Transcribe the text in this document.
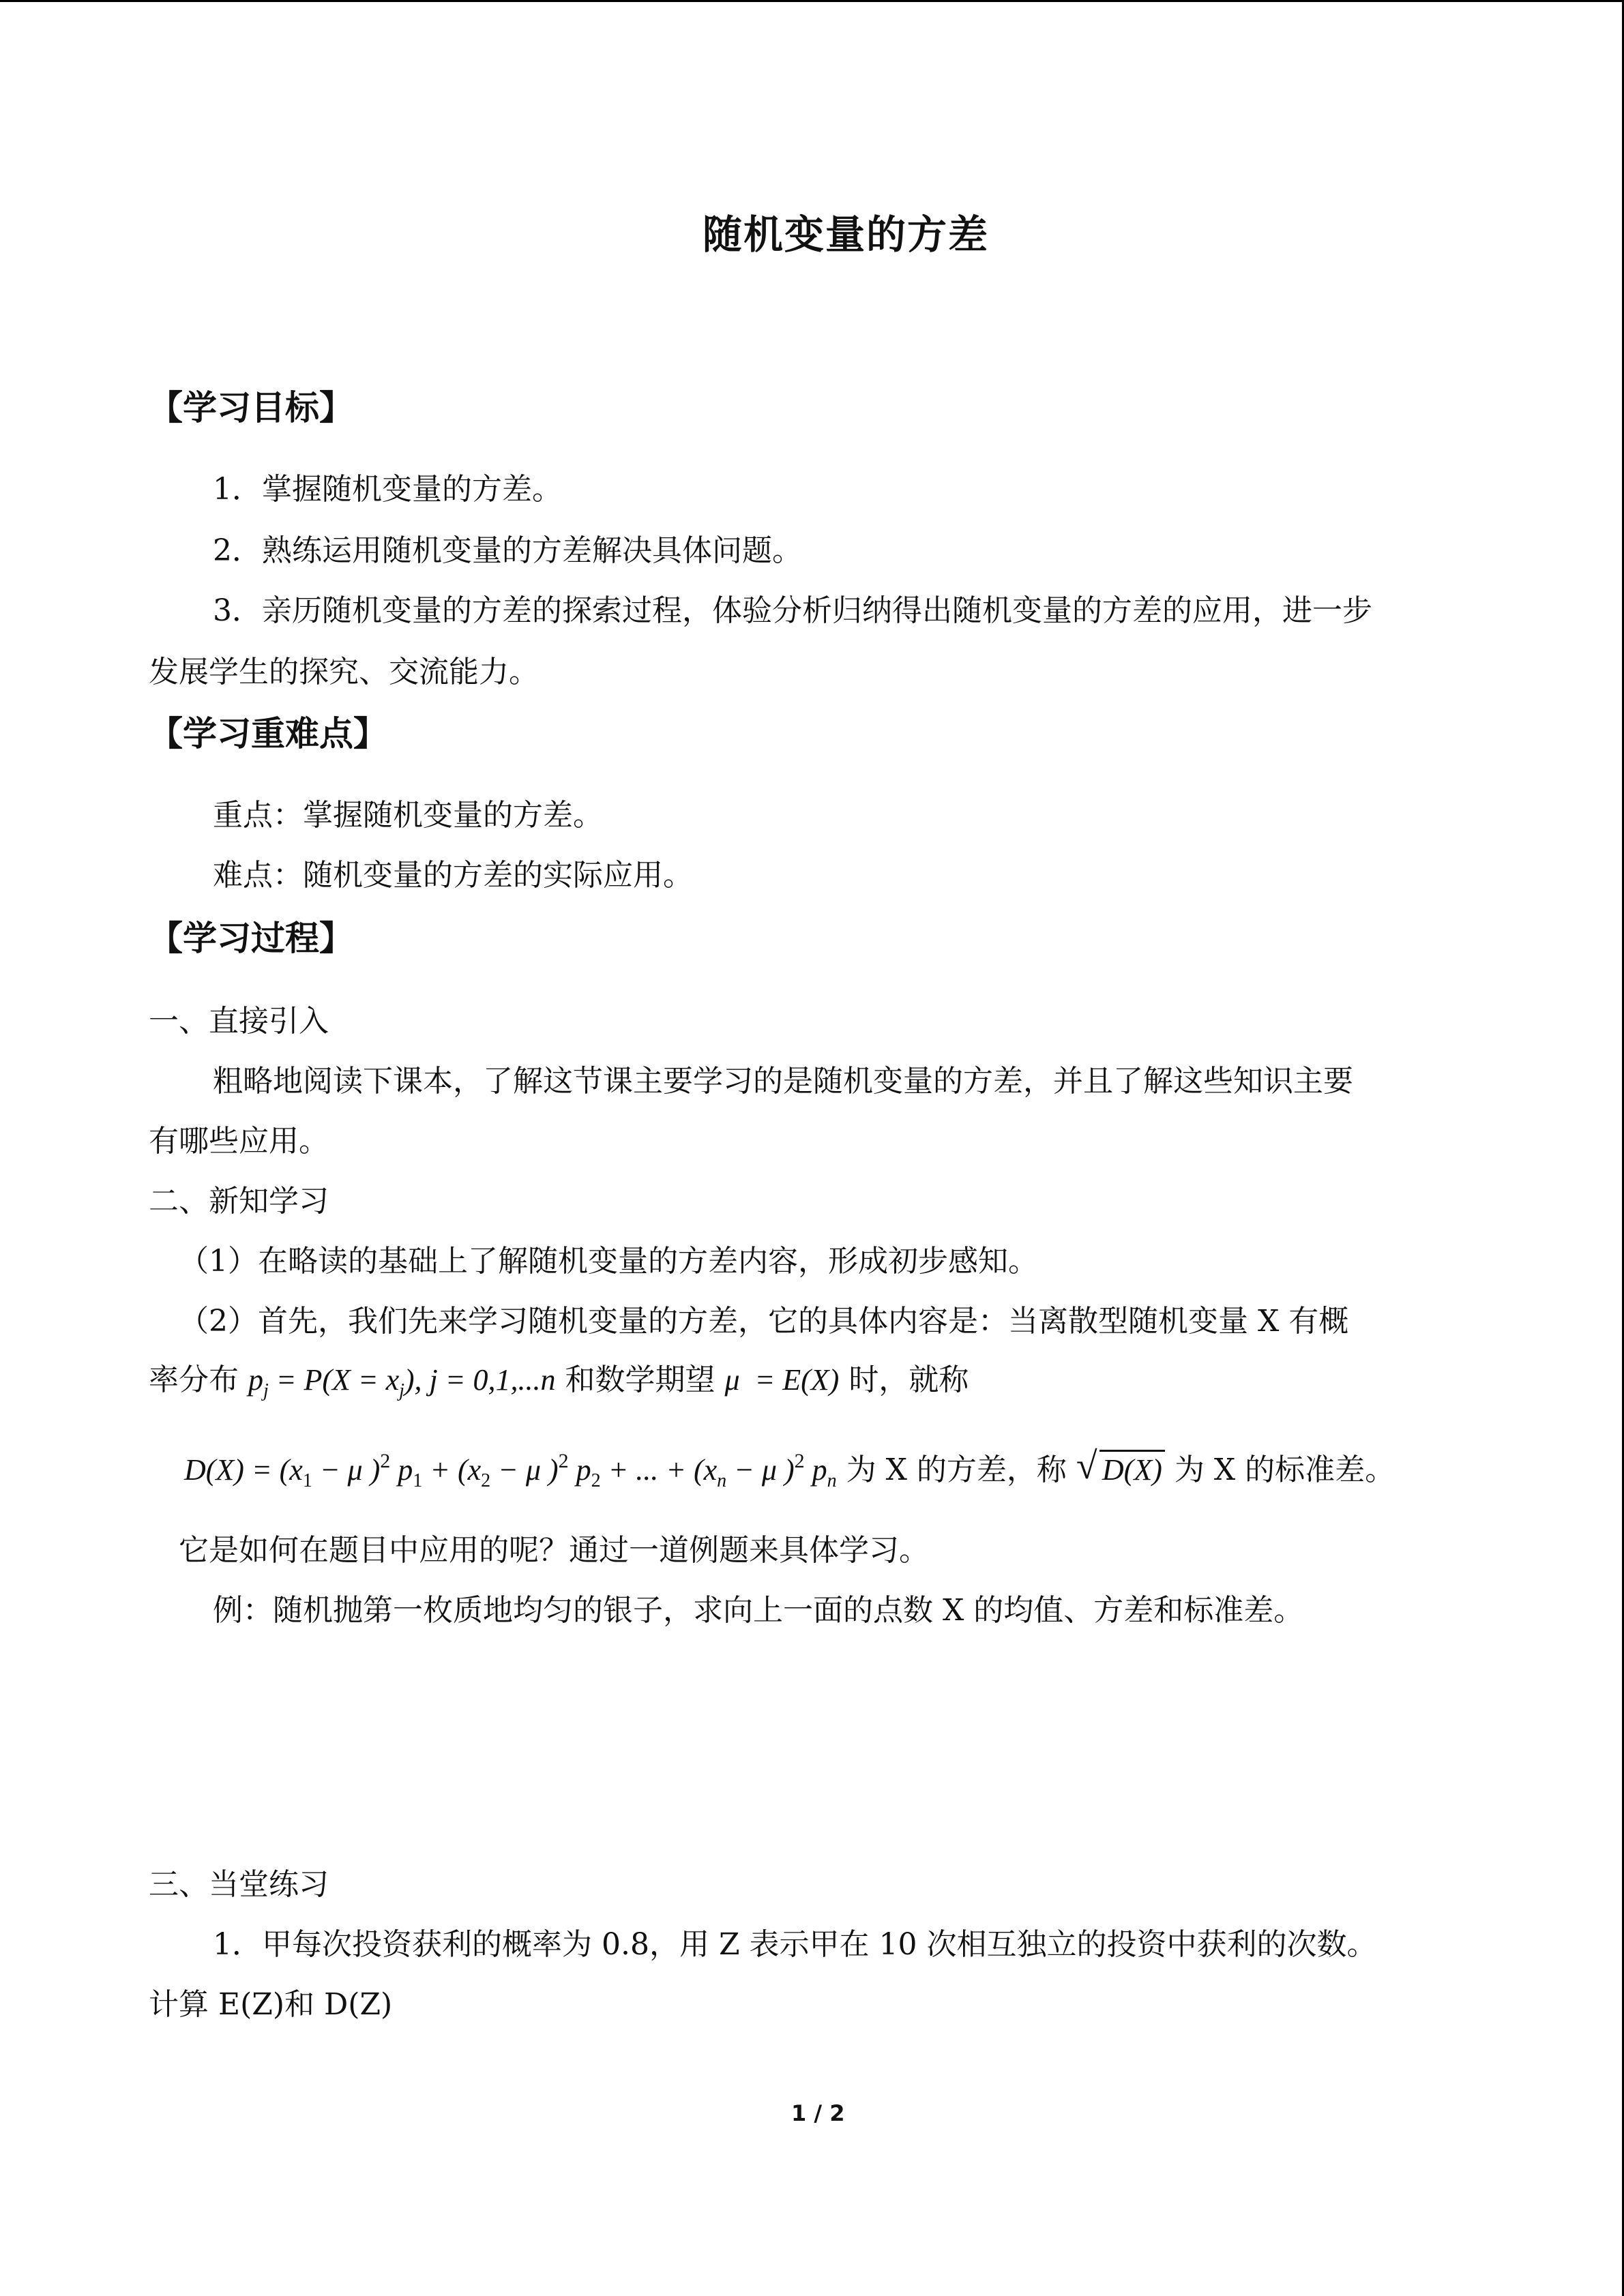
随机变量的方差
【学习目标】
1．掌握随机变量的方差。
2．熟练运用随机变量的方差解决具体问题。
3．亲历随机变量的方差的探索过程，体验分析归纳得出随机变量的方差的应用，进一步
发展学生的探究、交流能力。
【学习重难点】
重点：掌握随机变量的方差。
难点：随机变量的方差的实际应用。
【学习过程】
一、直接引入
粗略地阅读下课本，了解这节课主要学习的是随机变量的方差，并且了解这些知识主要
有哪些应用。
二、新知学习
（1）在略读的基础上了解随机变量的方差内容，形成初步感知。
（2）首先，我们先来学习随机变量的方差，它的具体内容是：当离散型随机变量 X 有概
率分布 $p_j = P(X = x_j)$, j = 0,1,...n 和数学期望 μ  = E(X) 时，就称
$D(X) = (x_1 - \mu$ )$^2$ $p_1 + (x_2 - \mu$ )$^2$ $p_2$ + ... + ($x_n - \mu$ )$^2$ $p_n$ 为 X 的方差，称 √ D(X) 为 X 的标准差。
它是如何在题目中应用的呢？通过一道例题来具体学习。
例：随机抛第一枚质地均匀的银子，求向上一面的点数 X 的均值、方差和标准差。
三、当堂练习
1．甲每次投资获利的概率为 0.8，用 Z 表示甲在 10 次相互独立的投资中获利的次数。
计算 E(Z)和 D(Z)
1 / 2
